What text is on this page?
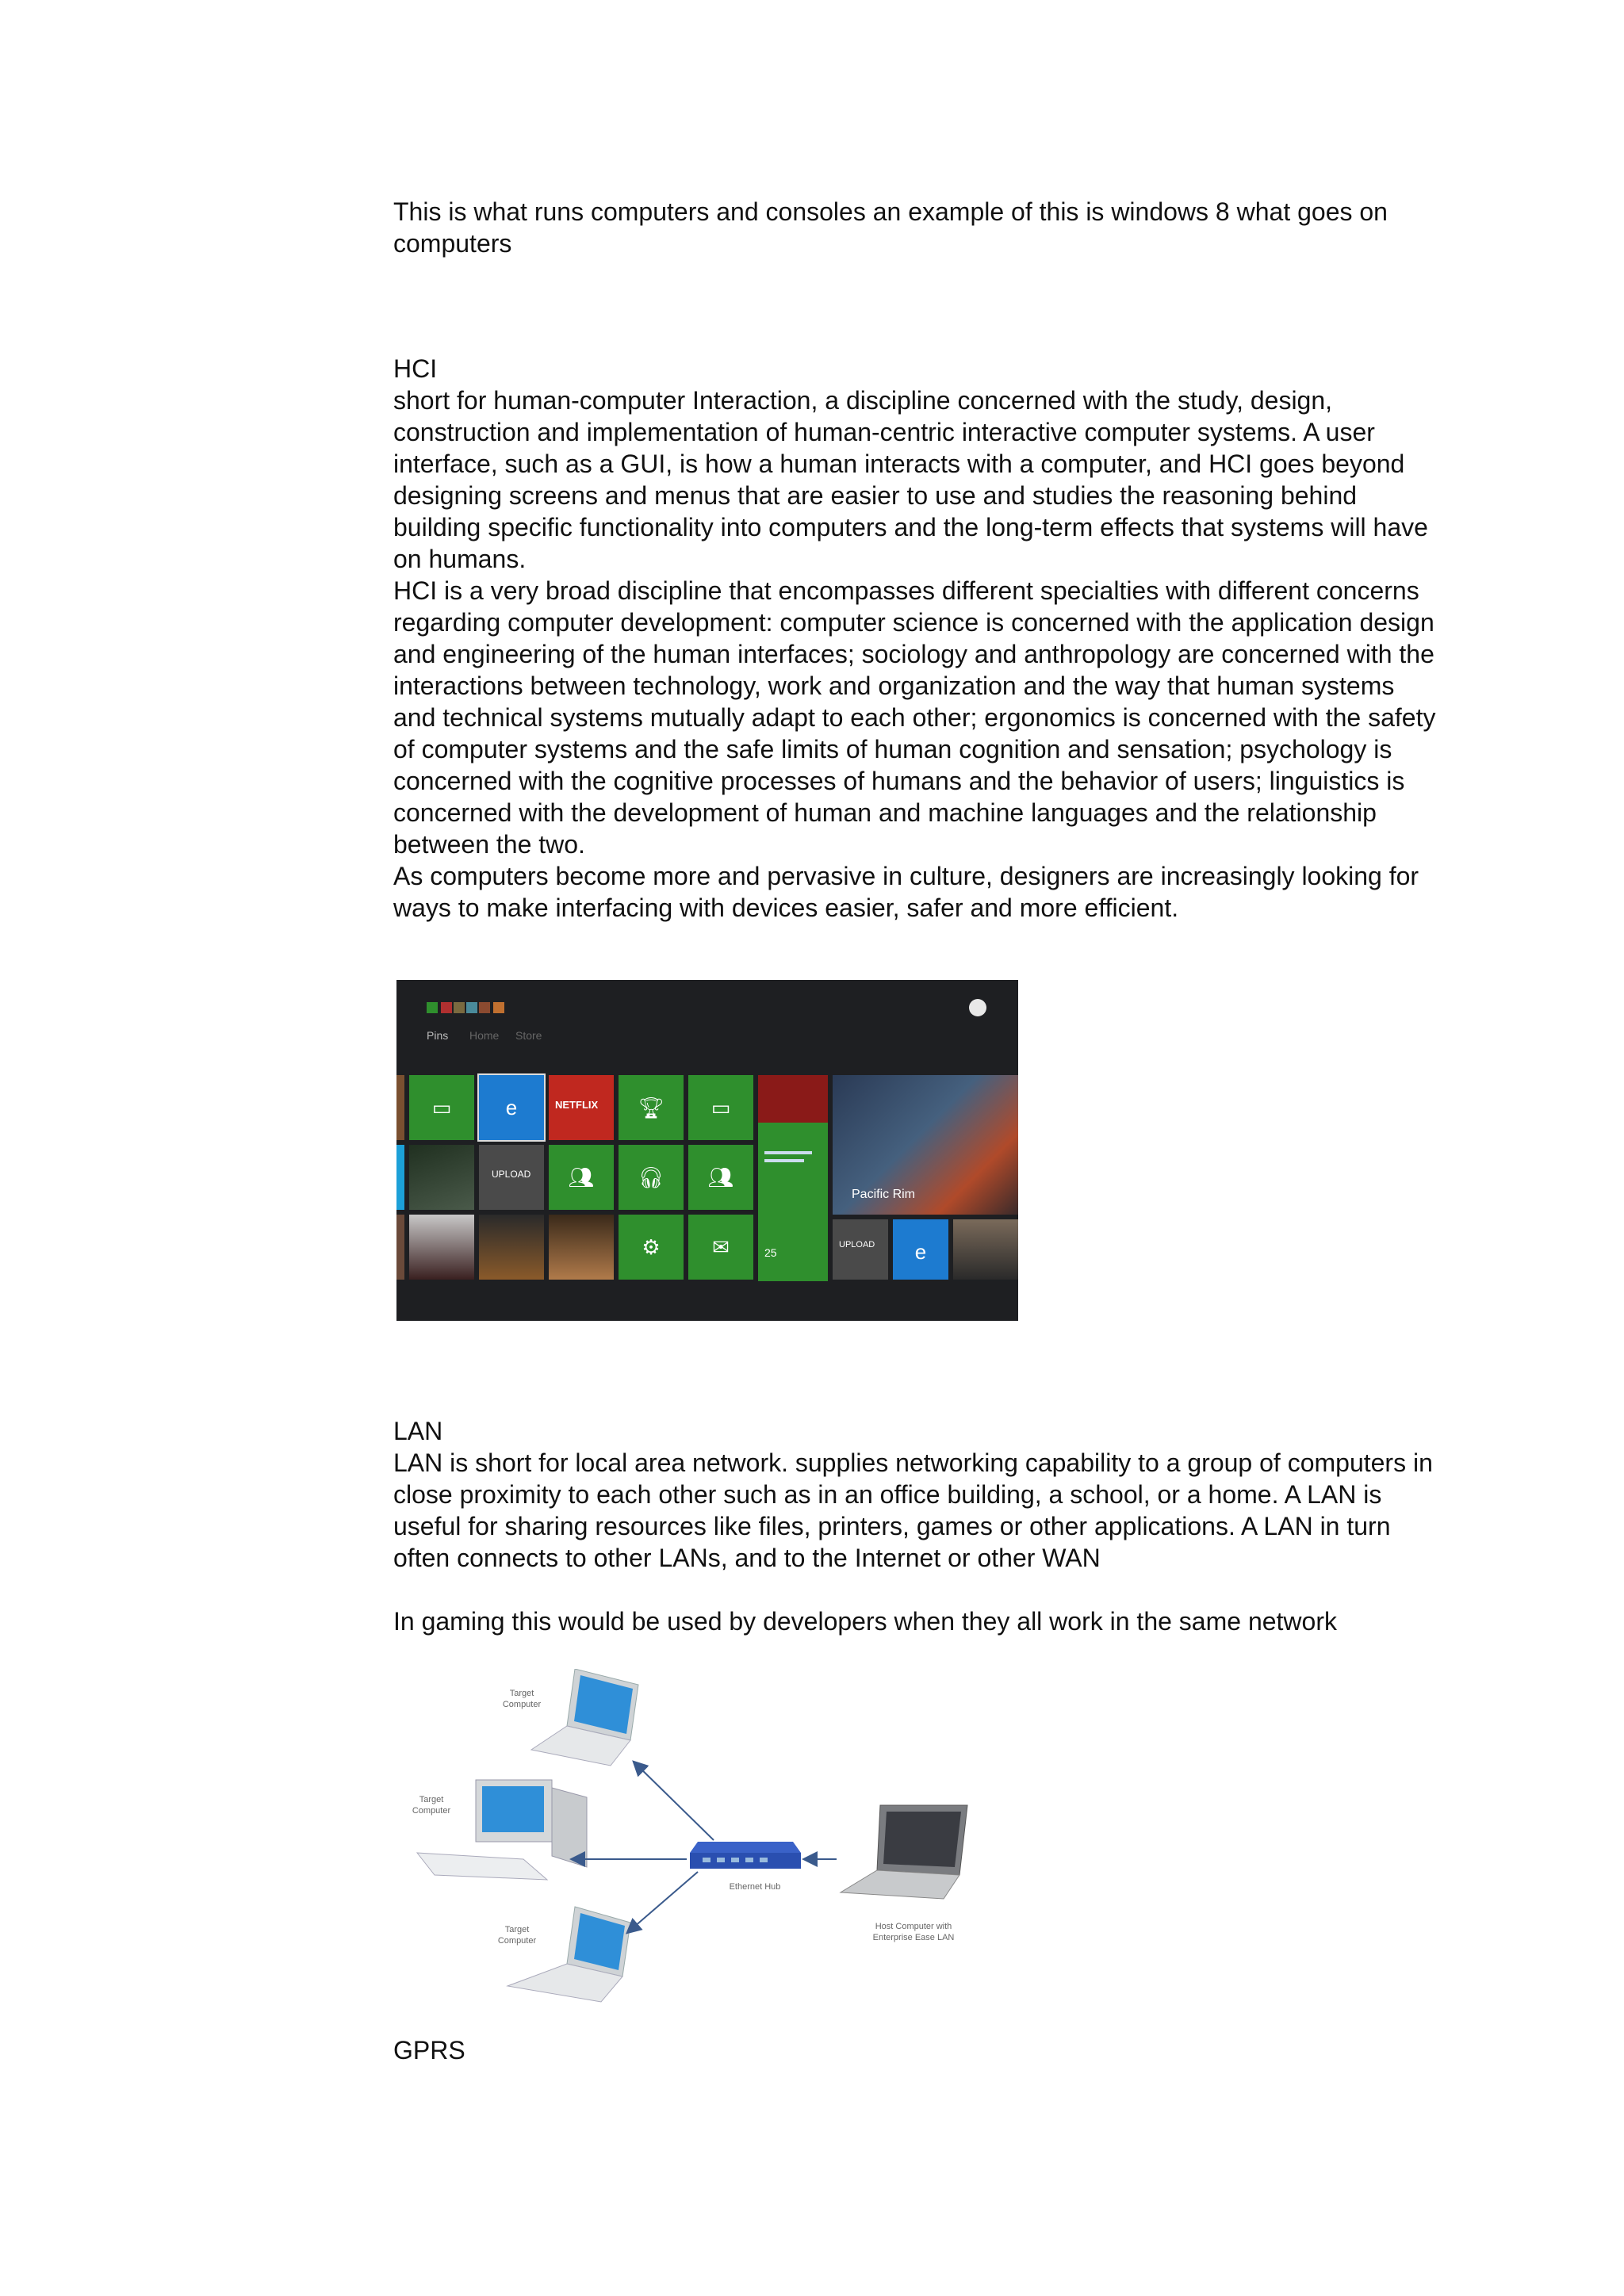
This is what runs computers and consoles an example of this is windows 8 what goes on computers

HCI

short for human-computer Interaction, a discipline concerned with the study, design, construction and implementation of human-centric interactive computer systems. A user interface, such as a GUI, is how a human interacts with a computer, and HCI goes beyond designing screens and menus that are easier to use and studies the reasoning behind building specific functionality into computers and the long-term effects that systems will have on humans.

HCI is a very broad discipline that encompasses different specialties with different concerns regarding computer development: computer science is concerned with the application design and engineering of the human interfaces; sociology and anthropology are concerned with the interactions between technology, work and organization and the way that human systems and technical systems mutually adapt to each other; ergonomics is concerned with the safety of computer systems and the safe limits of human cognition and sensation; psychology is concerned with the cognitive processes of humans and the behavior of users; linguistics is concerned with the development of human and machine languages and the relationship between the two.

As computers become more and pervasive in culture, designers are increasingly looking for ways to make interfacing with devices easier, safer and more efficient.

Pins Home Store
▭	e	NETFLIX	🏆︎	▭
25
Pacific Rim
UPLOAD	👥︎	🎧︎	👥︎
⚙	✉	UPLOAD	e

LAN

LAN is short for local area network. supplies networking capability to a group of computers in close proximity to each other such as in an office building, a school, or a home. A LAN is useful for sharing resources like files, printers, games or other applications. A LAN in turn often connects to other LANs, and to the Internet or other WAN

In gaming this would be used by developers when they all work in the same network

Target
Computer
Target
Computer
Target
Computer
Ethernet Hub
Host Computer with
Enterprise Ease LAN
GPRS
